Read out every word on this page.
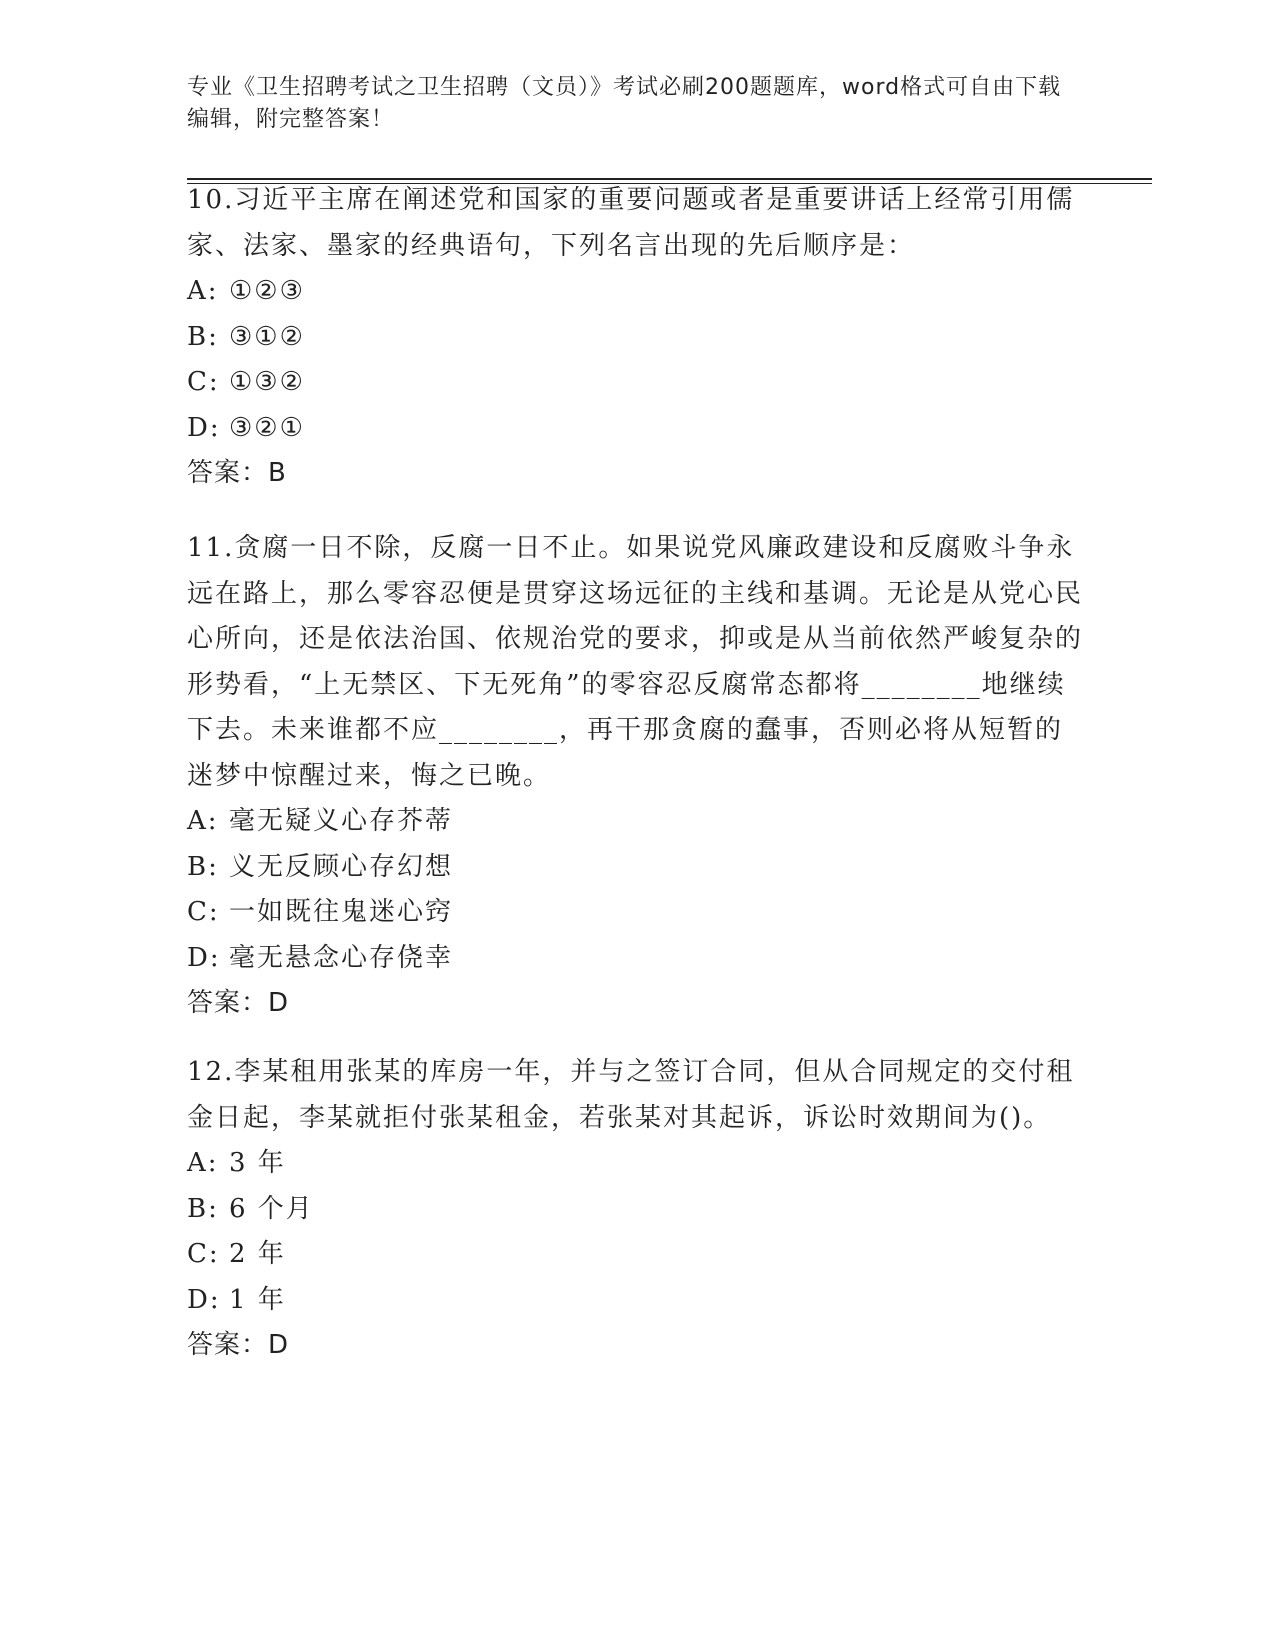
专业《卫生招聘考试之卫生招聘（文员）》考试必刷200题题库，word格式可自由下载编辑，附完整答案！

10.习近平主席在阐述党和国家的重要问题或者是重要讲话上经常引用儒家、法家、墨家的经典语句，下列名言出现的先后顺序是：

A: ①②③
B: ③①②
C: ①③②
D: ③②①
答案：B

11.贪腐一日不除，反腐一日不止。如果说党风廉政建设和反腐败斗争永远在路上，那么零容忍便是贯穿这场远征的主线和基调。无论是从党心民心所向，还是依法治国、依规治党的要求，抑或是从当前依然严峻复杂的形势看，“上无禁区、下无死角”的零容忍反腐常态都将________地继续下去。未来谁都不应________，再干那贪腐的蠢事，否则必将从短暂的迷梦中惊醒过来，悔之已晚。

A: 毫无疑义心存芥蒂
B: 义无反顾心存幻想
C: 一如既往鬼迷心窍
D: 毫无悬念心存侥幸
答案：D

12.李某租用张某的库房一年，并与之签订合同，但从合同规定的交付租金日起，李某就拒付张某租金，若张某对其起诉，诉讼时效期间为()。

A: 3 年
B: 6 个月
C: 2 年
D: 1 年
答案：D
